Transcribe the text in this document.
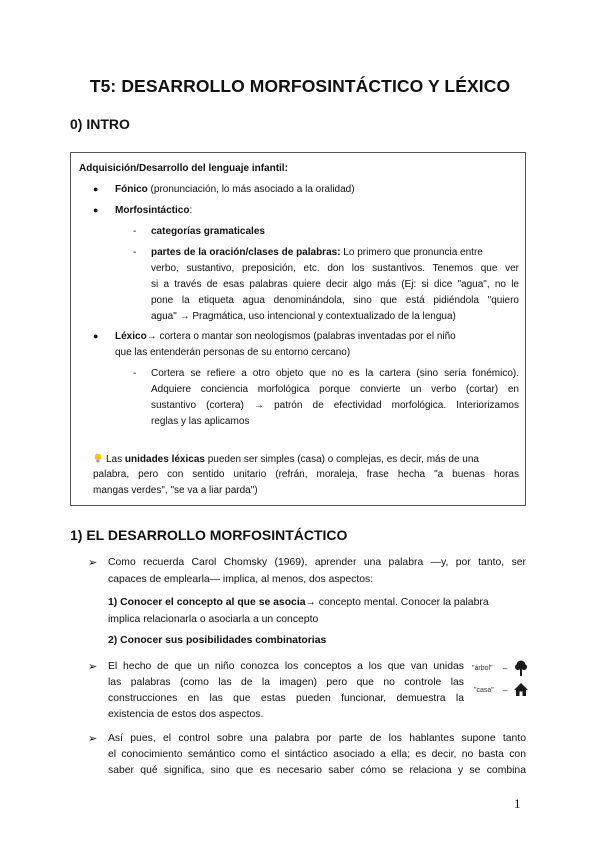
T5: DESARROLLO MORFOSINTÁCTICO Y LÉXICO
0) INTRO
Adquisición/Desarrollo del lenguaje infantil:
● Fónico (pronunciación, lo más asociado a la oralidad)
● Morfosintáctico:
- categorías gramaticales
- partes de la oración/clases de palabras: Lo primero que pronuncia entre
verbo, sustantivo, preposición, etc. don los sustantivos. Tenemos que ver
si a través de esas palabras quiere decir algo más (Ej: si dice "agua", no le
pone la etiqueta agua denominándola, sino que está pidiéndola "quiero
agua" → Pragmática, uso intencional y contextualizado de la lengua)
● Léxico→ cortera o mantar son neologismos (palabras inventadas por el niño
que las entenderán personas de su entorno cercano)
- Cortera se refiere a otro objeto que no es la cartera (sino sería fonémico).
Adquiere conciencia morfológica porque convierte un verbo (cortar) en
sustantivo (cortera) → patrón de efectividad morfológica. Interiorizamos
reglas y las aplicamos
Las unidades léxicas pueden ser simples (casa) o complejas, es decir, más de una
palabra, pero con sentido unitario (refrán, moraleja, frase hecha "a buenas horas
mangas verdes", "se va a liar parda")
1) EL DESARROLLO MORFOSINTÁCTICO
➢ Como recuerda Carol Chomsky (1969), aprender una palabra —y, por tanto, ser
capaces de emplearla— implica, al menos, dos aspectos:
1) Conocer el concepto al que se asocia→ concepto mental. Conocer la palabra
implica relacionarla o asociarla a un concepto
2) Conocer sus posibilidades combinatorias
➢ El hecho de que un niño conozca los conceptos a los que van unidas
las palabras (como las de la imagen) pero que no controle las
construcciones en las que estas pueden funcionar, demuestra la
existencia de estos dos aspectos.
"árbol" –
"casa" –
➢ Así pues, el control sobre una palabra por parte de los hablantes supone tanto
el conocimiento semántico como el sintáctico asociado a ella; es decir, no basta con
saber qué significa, sino que es necesario saber cómo se relaciona y se combina
1
